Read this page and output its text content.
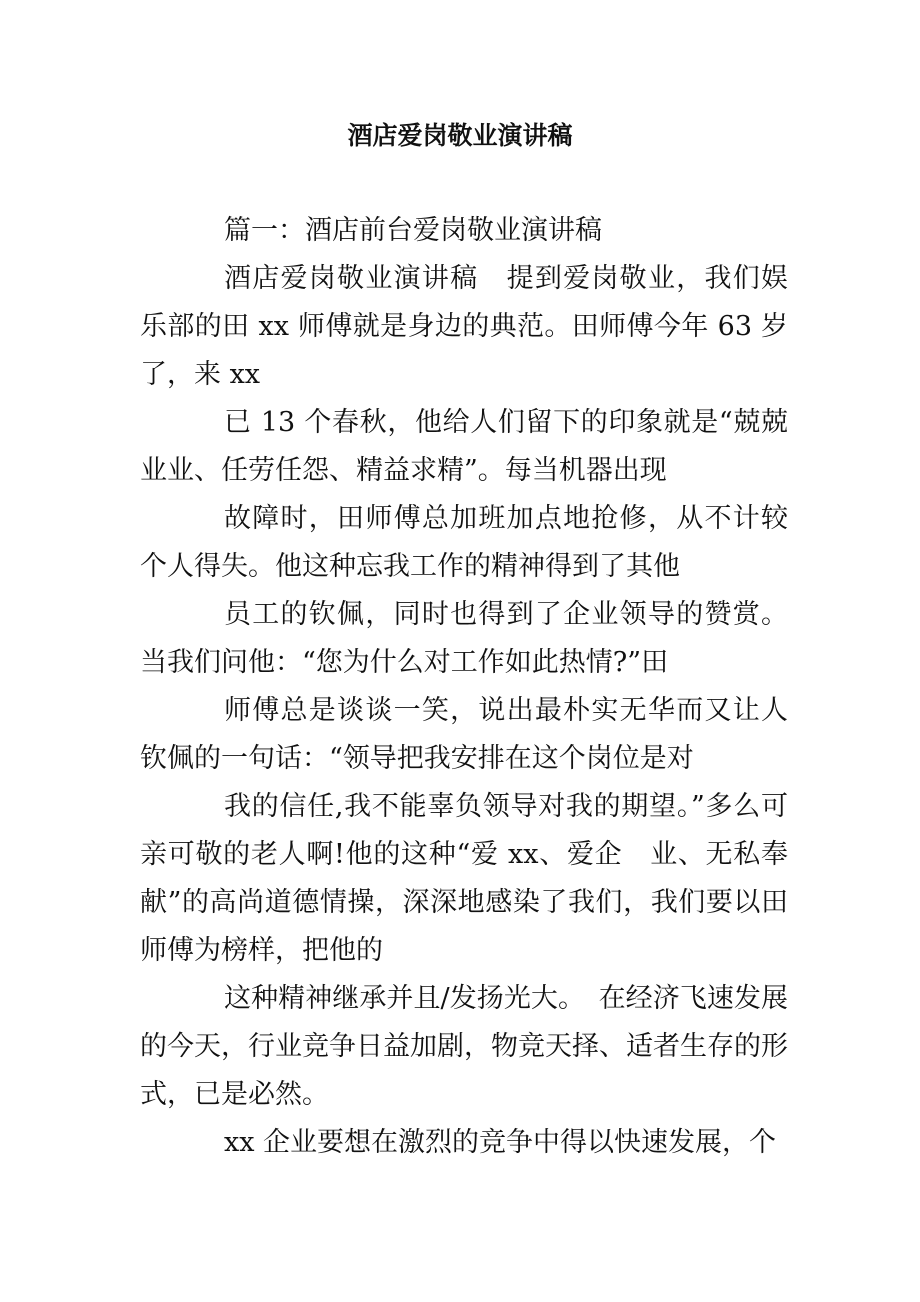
酒店爱岗敬业演讲稿

篇一：酒店前台爱岗敬业演讲稿

酒店爱岗敬业演讲稿　提到爱岗敬业，我们娱乐部的田 xx 师傅就是身边的典范。田师傅今年 63 岁了，来 xx

已 13 个春秋，他给人们留下的印象就是“兢兢业业、任劳任怨、精益求精”。每当机器出现

故障时，田师傅总加班加点地抢修，从不计较个人得失。他这种忘我工作的精神得到了其他

员工的钦佩，同时也得到了企业领导的赞赏。当我们问他：“您为什么对工作如此热情?”田

师傅总是谈谈一笑，说出最朴实无华而又让人钦佩的一句话：“领导把我安排在这个岗位是对

我的信任,我不能辜负领导对我的期望。”多么可亲可敬的老人啊!他的这种“爱 xx、爱企　业、无私奉献”的高尚道德情操，深深地感染了我们，我们要以田师傅为榜样，把他的

这种精神继承并且/发扬光大。　在经济飞速发展的今天，行业竞争日益加剧，物竞天择、适者生存的形式，已是必然。

xx 企业要想在激烈的竞争中得以快速发展，个
